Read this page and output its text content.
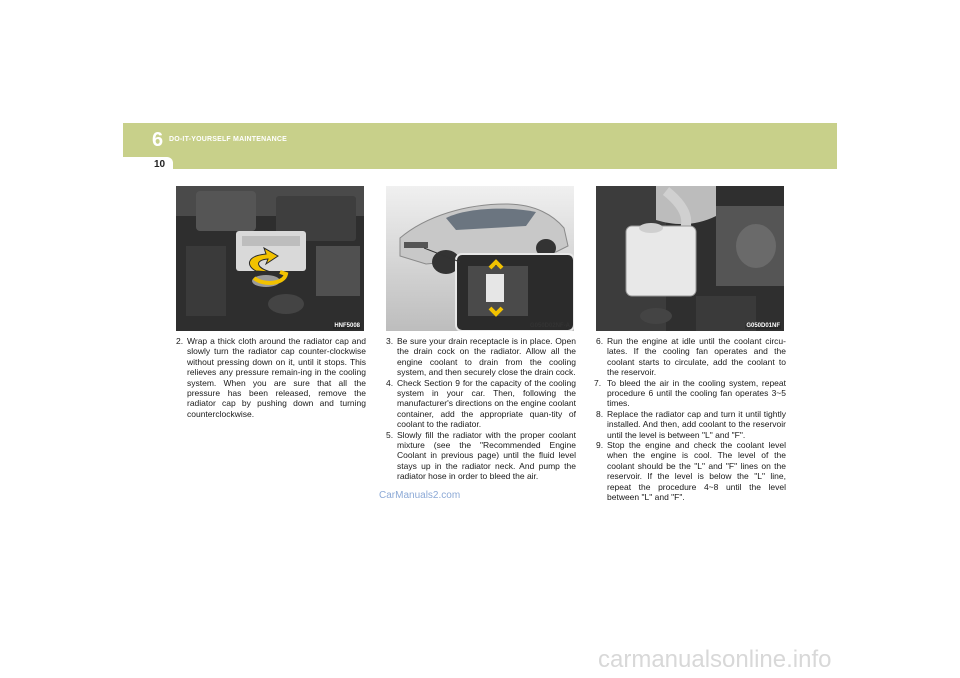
6 DO-IT-YOURSELF MAINTENANCE
10
HNF5008	G050D02NF-A	G050D01NF

2. Wrap a thick cloth around the radiator cap and slowly turn the radiator cap counter-clockwise without pressing down on it, until it stops. This relieves any pressure remain-ing in the cooling system. When you are sure that all the pressure has been released, remove the radiator cap by pushing down and turning counterclockwise.

3. Be sure your drain receptacle is in place. Open the drain cock on the radiator. Allow all the engine coolant to drain from the cooling system, and then securely close the drain cock.

4. Check Section 9 for the capacity of the cooling system in your car. Then, following the manufacturer's directions on the engine coolant container, add the appropriate quan-tity of coolant to the radiator.

5. Slowly fill the radiator with the proper coolant mixture (see the "Recommended Engine Coolant in previous page) until the fluid level stays up in the radiator neck. And pump the radiator hose in order to bleed the air.

6. Run the engine at idle until the coolant circu-lates. If the cooling fan operates and the coolant starts to circulate, add the coolant to the reservoir.

7. To bleed the air in the cooling system, repeat procedure 6 until the cooling fan operates 3~5 times.

8. Replace the radiator cap and turn it until tightly installed. And then, add coolant to the reservoir until the level is between "L" and "F".

9. Stop the engine and check the coolant level when the engine is cool. The level of the coolant should be the "L" and "F" lines on the reservoir. If the level is below the "L" line, repeat the procedure 4~8 until the level between "L" and "F".

CarManuals2.com
carmanualsonline.info
